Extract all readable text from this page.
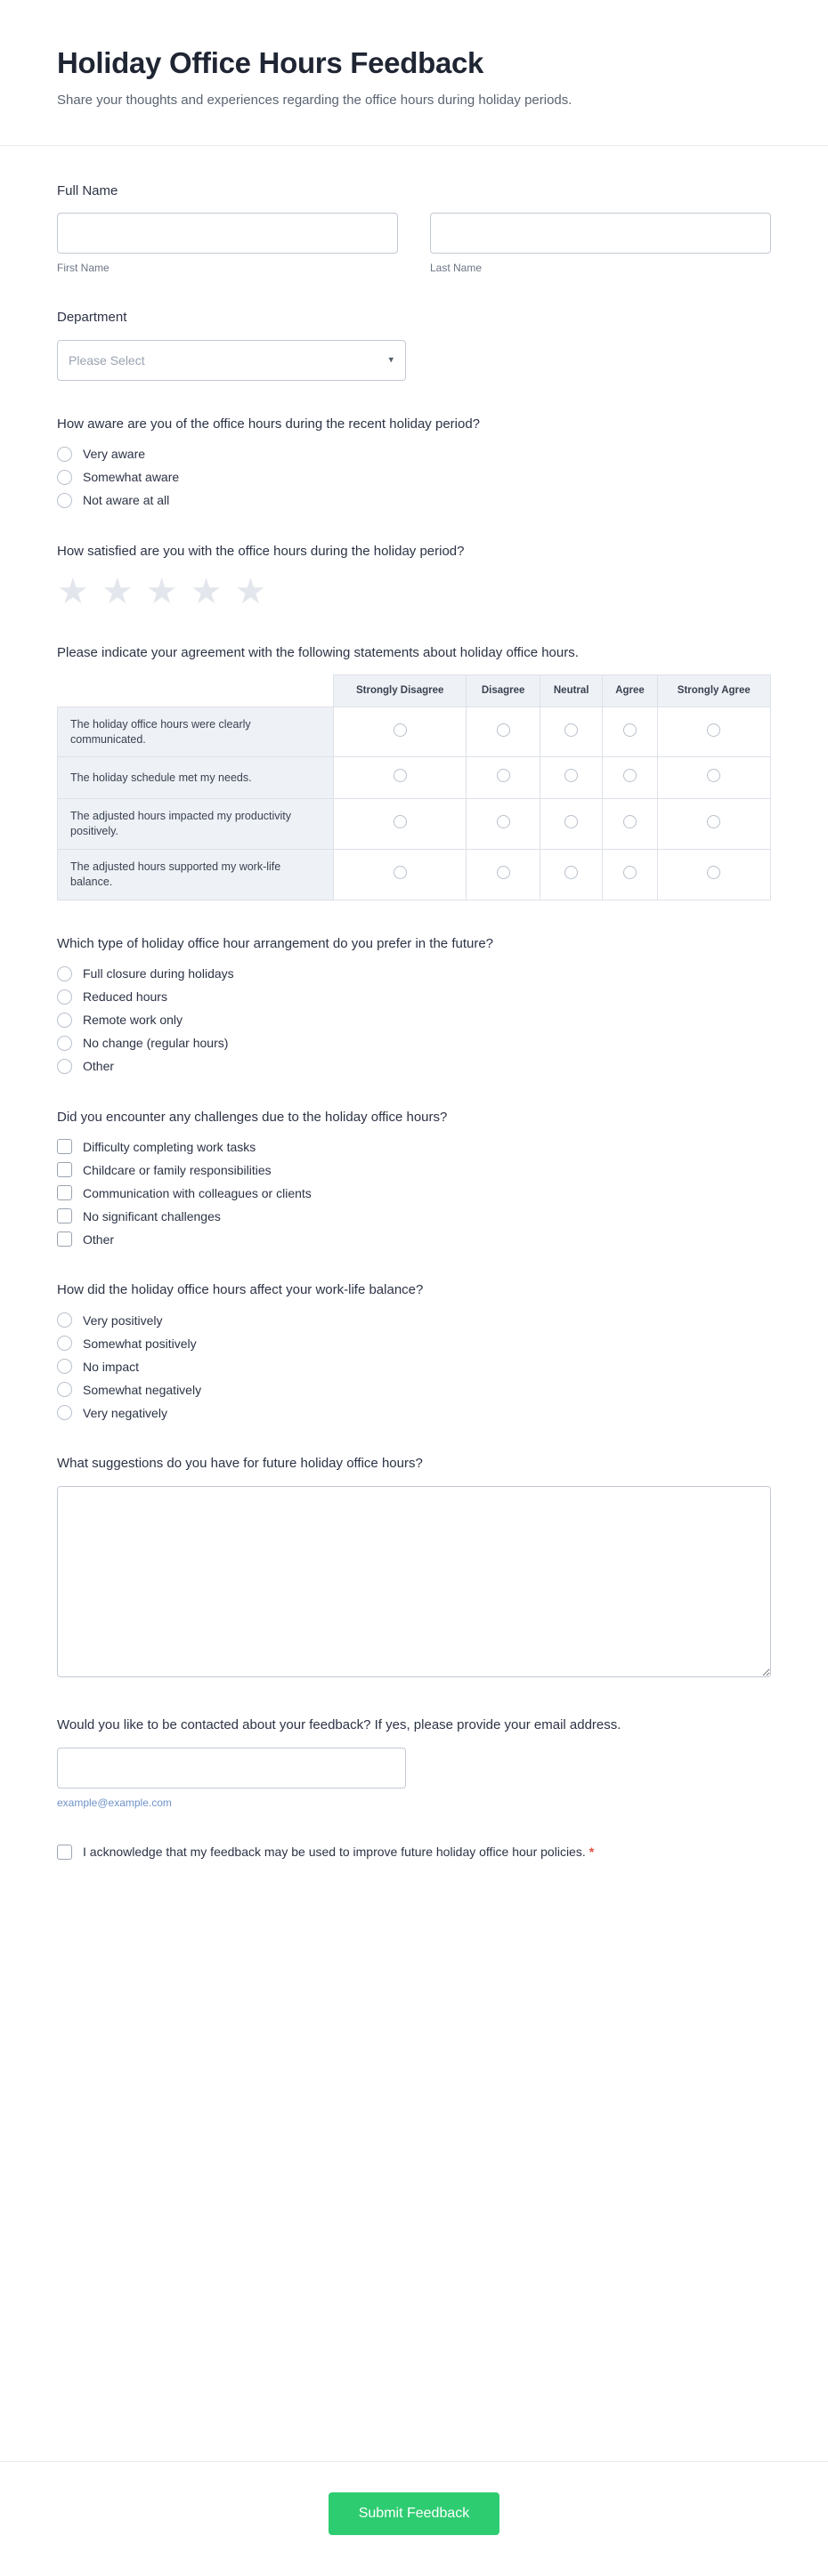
Holiday Office Hours Feedback

Share your thoughts and experiences regarding the office hours during holiday periods.

Full Name
First Name	Last Name
Department
Please Select
▾
How aware are you of the office hours during the recent holiday period?
Very aware
Somewhat aware
Not aware at all
How satisfied are you with the office hours during the holiday period?
★ ★ ★ ★ ★
Please indicate your agreement with the following statements about holiday office hours.
	Strongly Disagree	Disagree	Neutral	Agree	Strongly Agree
The holiday office hours were clearly communicated.					
The holiday schedule met my needs.					
The adjusted hours impacted my productivity positively.					
The adjusted hours supported my work-life balance.					
Which type of holiday office hour arrangement do you prefer in the future?
Full closure during holidays
Reduced hours
Remote work only
No change (regular hours)
Other
Did you encounter any challenges due to the holiday office hours?
Difficulty completing work tasks
Childcare or family responsibilities
Communication with colleagues or clients
No significant challenges
Other
How did the holiday office hours affect your work-life balance?
Very positively
Somewhat positively
No impact
Somewhat negatively
Very negatively
What suggestions do you have for future holiday office hours?
Would you like to be contacted about your feedback? If yes, please provide your email address.
example@example.com
I acknowledge that my feedback may be used to improve future holiday office hour policies. *
Submit Feedback
